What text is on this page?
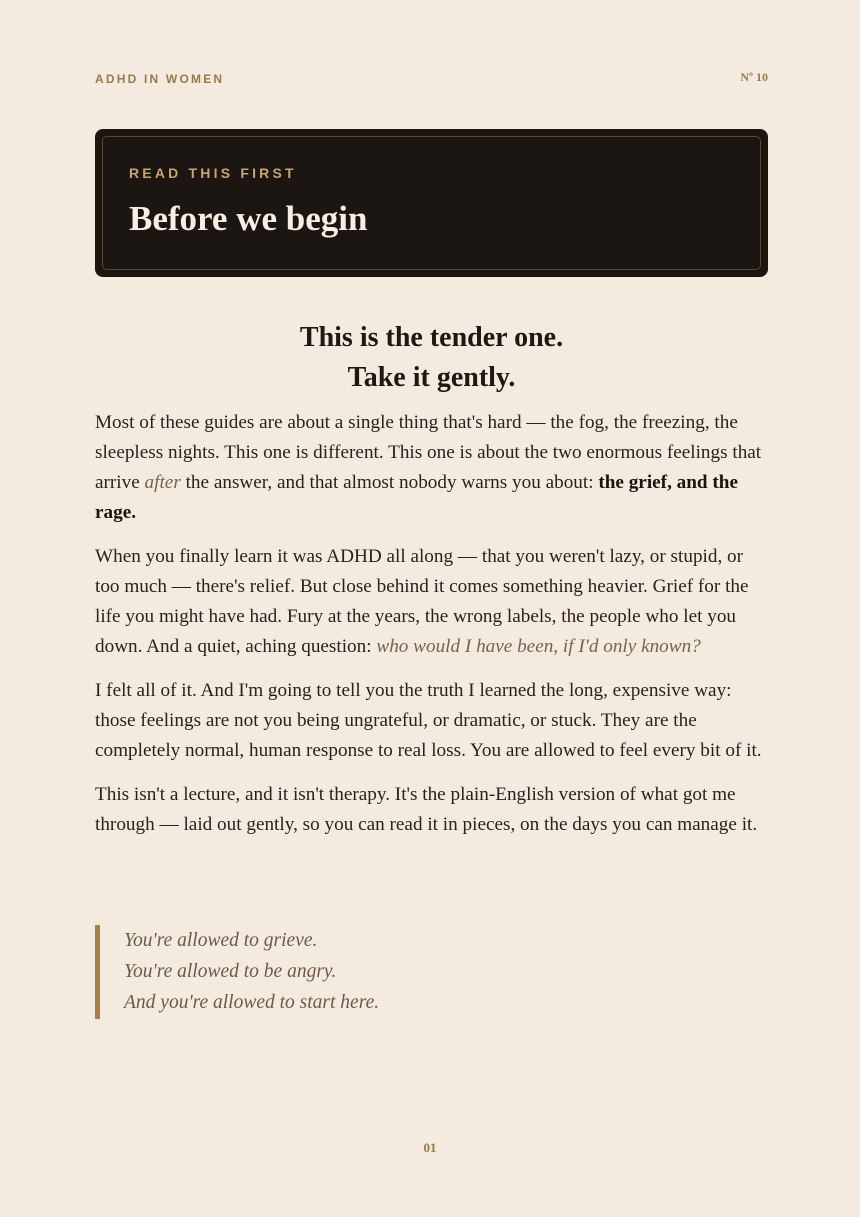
ADHD IN WOMEN	Nº 10
READ THIS FIRST
Before we begin
This is the tender one.
Take it gently.

Most of these guides are about a single thing that's hard — the fog, the freezing, the sleepless nights. This one is different. This one is about the two enormous feelings that arrive after the answer, and that almost nobody warns you about: the grief, and the rage.

When you finally learn it was ADHD all along — that you weren't lazy, or stupid, or too much — there's relief. But close behind it comes something heavier. Grief for the life you might have had. Fury at the years, the wrong labels, the people who let you down. And a quiet, aching question: who would I have been, if I'd only known?

I felt all of it. And I'm going to tell you the truth I learned the long, expensive way: those feelings are not you being ungrateful, or dramatic, or stuck. They are the completely normal, human response to real loss. You are allowed to feel every bit of it.

This isn't a lecture, and it isn't therapy. It's the plain-English version of what got me through — laid out gently, so you can read it in pieces, on the days you can manage it.

You're allowed to grieve.
You're allowed to be angry.
And you're allowed to start here.
01
